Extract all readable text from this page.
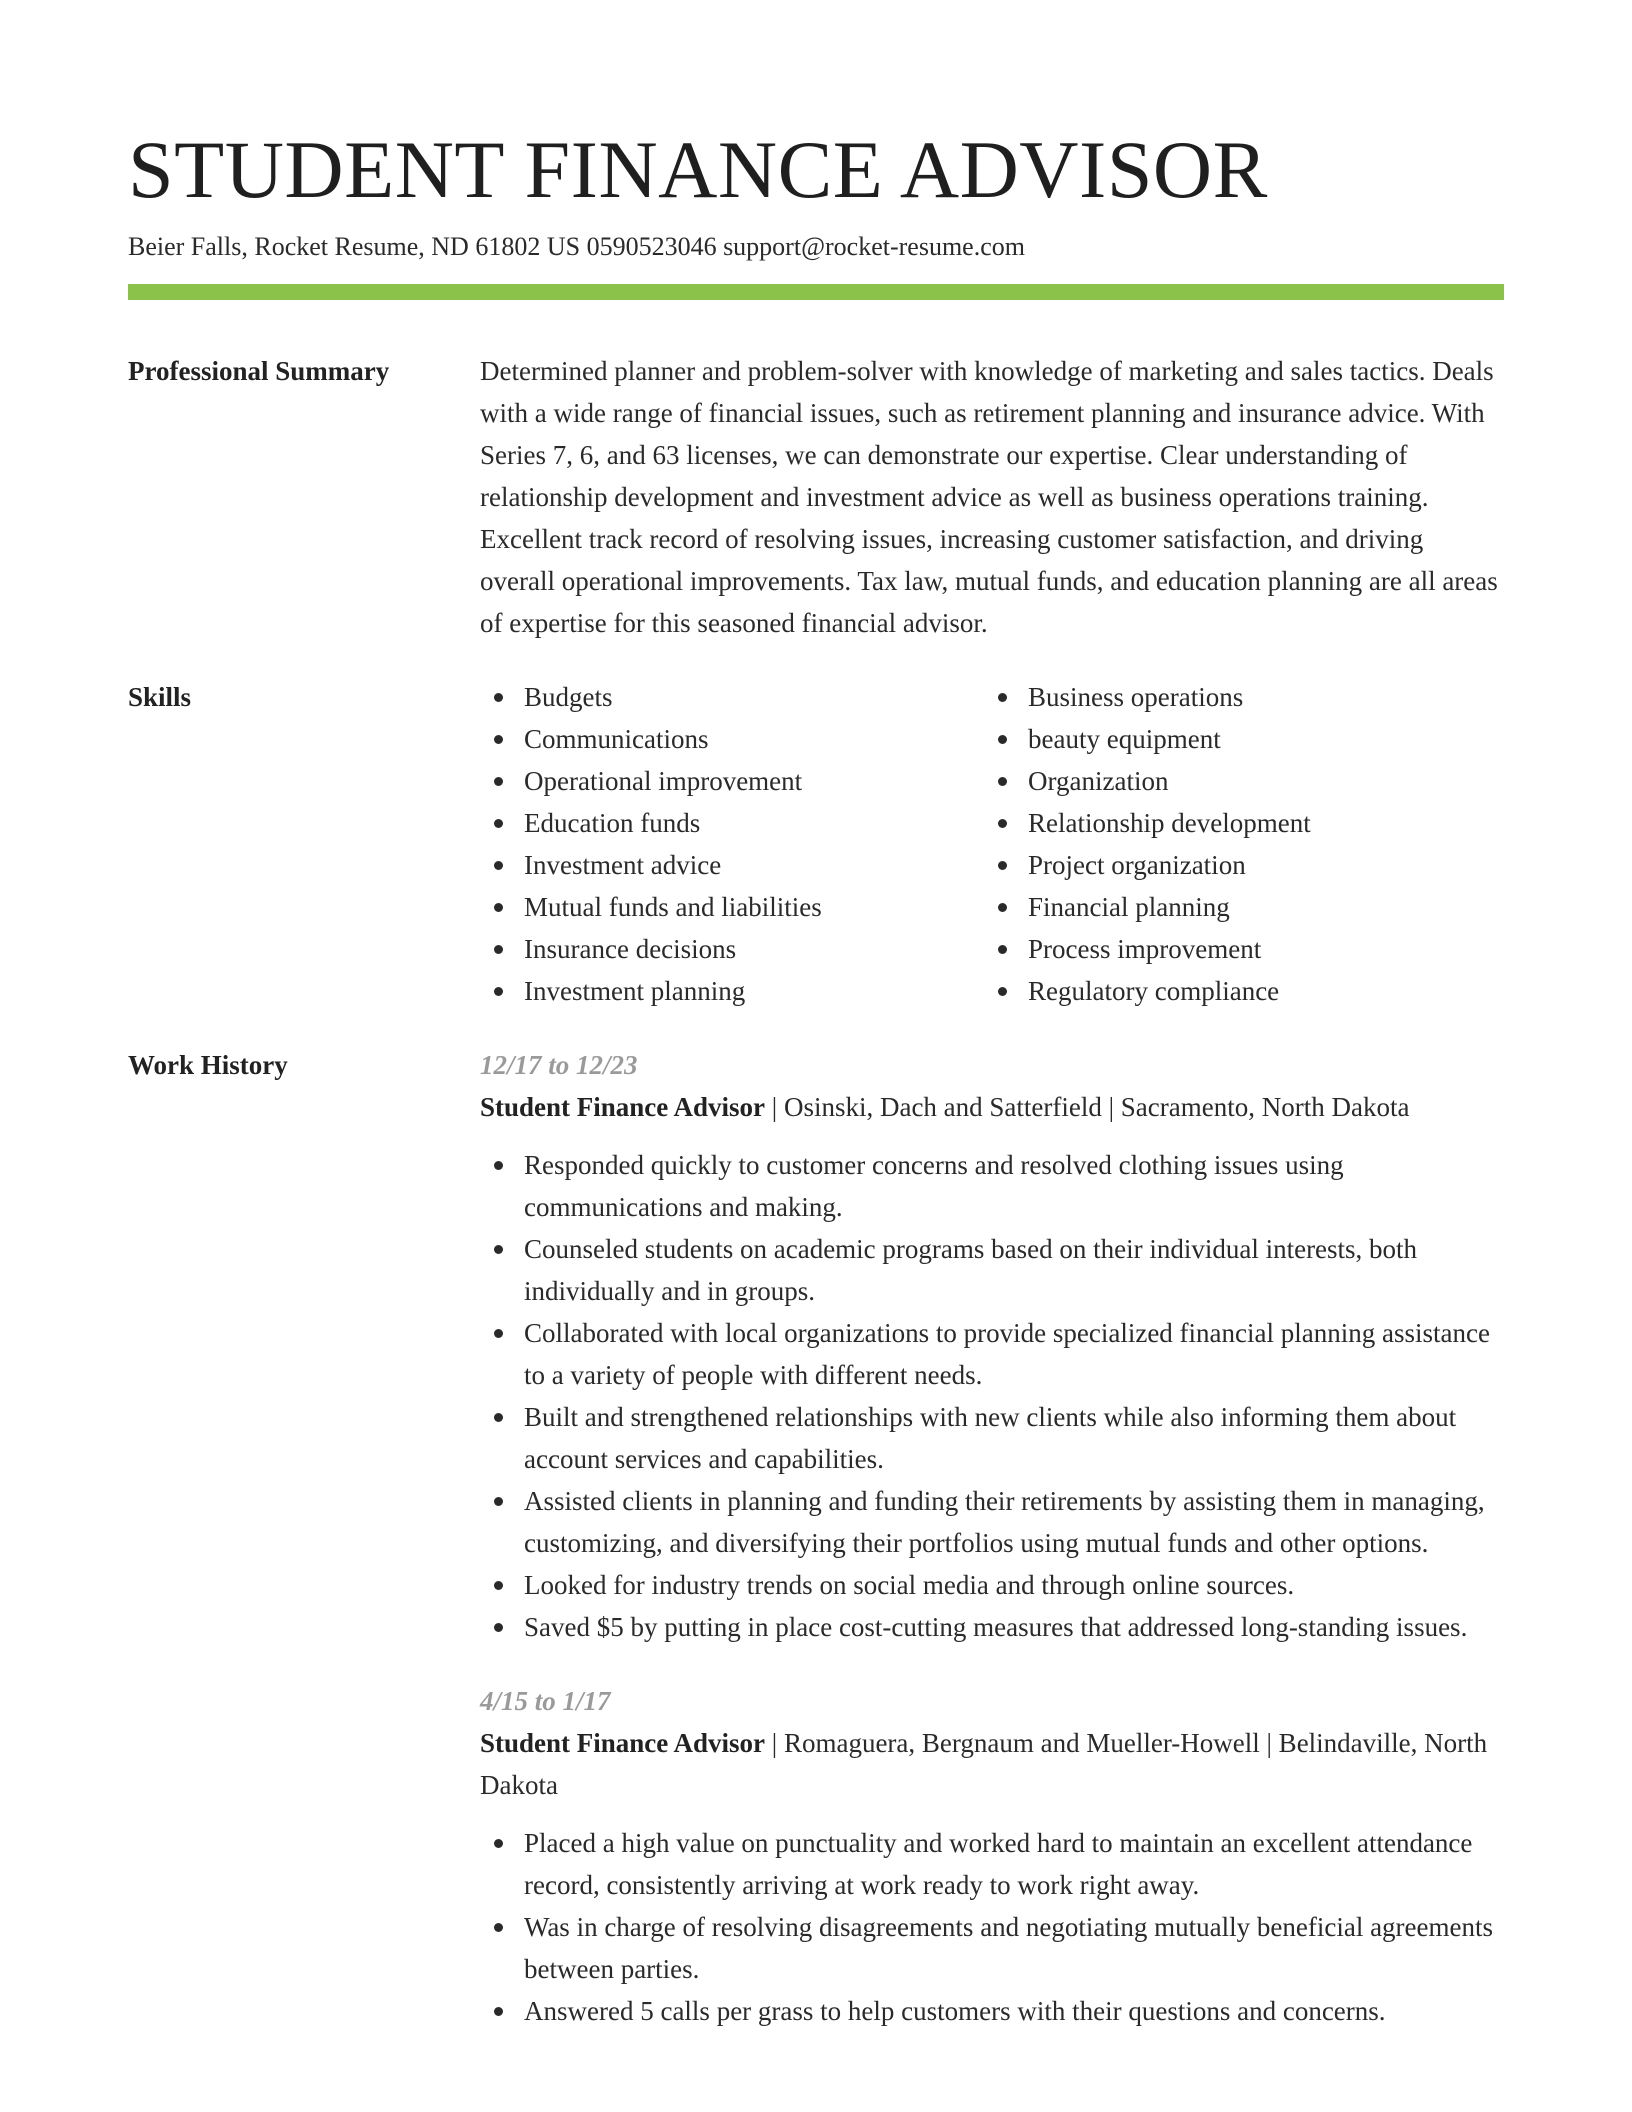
STUDENT FINANCE ADVISOR
Beier Falls, Rocket Resume, ND 61802 US 0590523046 support@rocket-resume.com
Professional Summary	Determined planner and problem-solver with knowledge of marketing and sales tactics. Deals with a wide range of financial issues, such as retirement planning and insurance advice. With Series 7, 6, and 63 licenses, we can demonstrate our expertise. Clear understanding of relationship development and investment advice as well as business operations training. Excellent track record of resolving issues, increasing customer satisfaction, and driving overall operational improvements. Tax law, mutual funds, and education planning are all areas of expertise for this seasoned financial advisor.

Skills	Budgets
Communications
Operational improvement
Education funds
Investment advice
Mutual funds and liabilities
Insurance decisions
Investment planning
Business operations
beauty equipment
Organization
Relationship development
Project organization
Financial planning
Process improvement
Regulatory compliance
Work History	12/17 to 12/23
Student Finance Advisor | Osinski, Dach and Satterfield | Sacramento, North Dakota
Responded quickly to customer concerns and resolved clothing issues using communications and making.
Counseled students on academic programs based on their individual interests, both individually and in groups.
Collaborated with local organizations to provide specialized financial planning assistance to a variety of people with different needs.
Built and strengthened relationships with new clients while also informing them about account services and capabilities.
Assisted clients in planning and funding their retirements by assisting them in managing, customizing, and diversifying their portfolios using mutual funds and other options.
Looked for industry trends on social media and through online sources.
Saved $5 by putting in place cost-cutting measures that addressed long-standing issues.
4/15 to 1/17
Student Finance Advisor | Romaguera, Bergnaum and Mueller-Howell | Belindaville, North Dakota
Placed a high value on punctuality and worked hard to maintain an excellent attendance record, consistently arriving at work ready to work right away.
Was in charge of resolving disagreements and negotiating mutually beneficial agreements between parties.
Answered 5 calls per grass to help customers with their questions and concerns.
